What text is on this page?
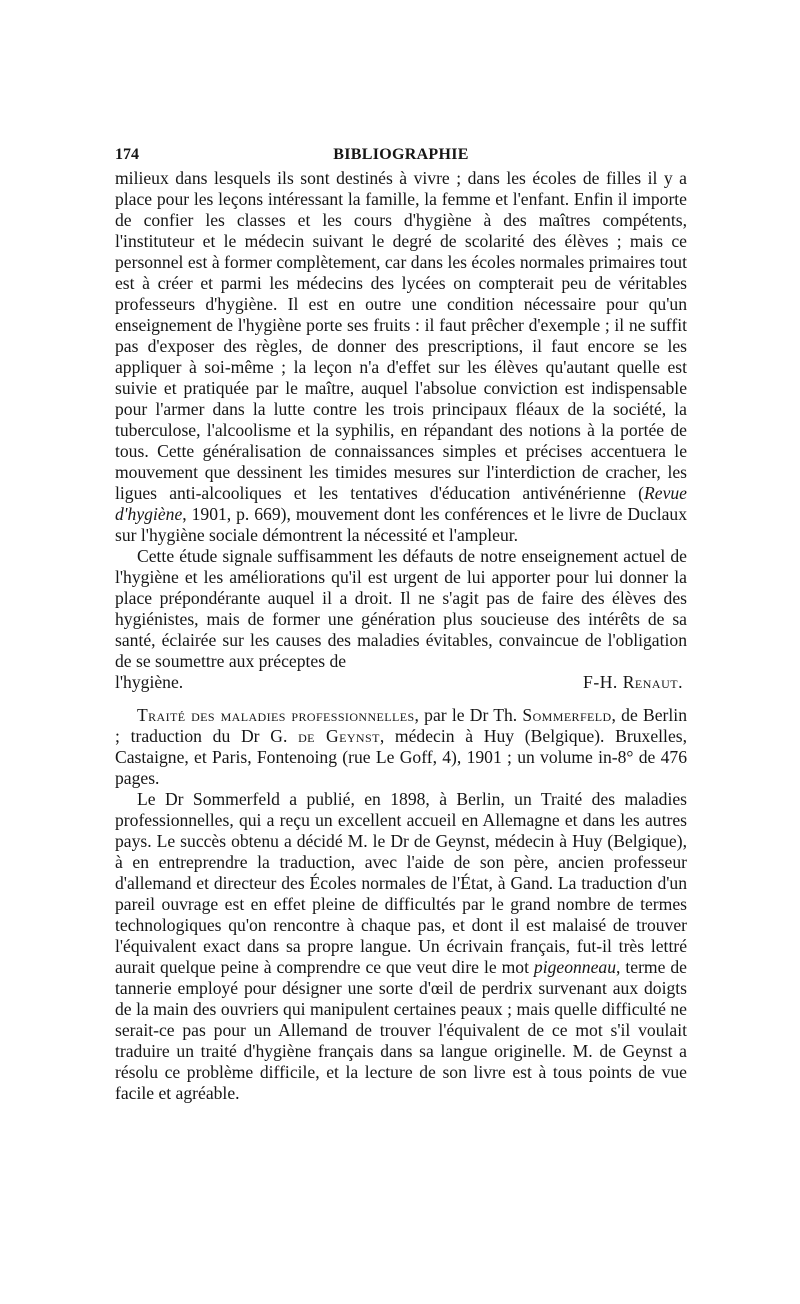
174	BIBLIOGRAPHIE

milieux dans lesquels ils sont destinés à vivre ; dans les écoles de filles il y a place pour les leçons intéressant la famille, la femme et l'enfant. Enfin il importe de confier les classes et les cours d'hygiène à des maîtres compétents, l'instituteur et le médecin suivant le degré de scolarité des élèves ; mais ce personnel est à former complètement, car dans les écoles normales primaires tout est à créer et parmi les médecins des lycées on compterait peu de véritables professeurs d'hygiène. Il est en outre une condition nécessaire pour qu'un enseignement de l'hygiène porte ses fruits : il faut prêcher d'exemple ; il ne suffit pas d'exposer des règles, de donner des prescriptions, il faut encore se les appliquer à soi-même ; la leçon n'a d'effet sur les élèves qu'autant quelle est suivie et pratiquée par le maître, auquel l'absolue conviction est indispensable pour l'armer dans la lutte contre les trois principaux fléaux de la société, la tuberculose, l'alcoolisme et la syphilis, en répandant des notions à la portée de tous. Cette généralisation de connaissances simples et précises accentuera le mouvement que dessinent les timides mesures sur l'interdiction de cracher, les ligues anti-alcooliques et les tentatives d'éducation antivénérienne (Revue d'hygiène, 1901, p. 669), mouvement dont les conférences et le livre de Duclaux sur l'hygiène sociale démontrent la nécessité et l'ampleur.

Cette étude signale suffisamment les défauts de notre enseignement actuel de l'hygiène et les améliorations qu'il est urgent de lui apporter pour lui donner la place prépondérante auquel il a droit. Il ne s'agit pas de faire des élèves des hygiénistes, mais de former une génération plus soucieuse des intérêts de sa santé, éclairée sur les causes des maladies évitables, convaincue de l'obligation de se soumettre aux préceptes de

l'hygiène.	F-H. Renaut.

Traité des maladies professionnelles, par le Dr Th. Sommerfeld, de Berlin ; traduction du Dr G. de Geynst, médecin à Huy (Belgique). Bruxelles, Castaigne, et Paris, Fontenoing (rue Le Goff, 4), 1901 ; un volume in-8° de 476 pages.

Le Dr Sommerfeld a publié, en 1898, à Berlin, un Traité des maladies professionnelles, qui a reçu un excellent accueil en Allemagne et dans les autres pays. Le succès obtenu a décidé M. le Dr de Geynst, médecin à Huy (Belgique), à en entreprendre la traduction, avec l'aide de son père, ancien professeur d'allemand et directeur des Écoles normales de l'État, à Gand. La traduction d'un pareil ouvrage est en effet pleine de difficultés par le grand nombre de termes technologiques qu'on rencontre à chaque pas, et dont il est malaisé de trouver l'équivalent exact dans sa propre langue. Un écrivain français, fut-il très lettré aurait quelque peine à comprendre ce que veut dire le mot pigeonneau, terme de tannerie employé pour désigner une sorte d'œil de perdrix survenant aux doigts de la main des ouvriers qui manipulent certaines peaux ; mais quelle difficulté ne serait-ce pas pour un Allemand de trouver l'équivalent de ce mot s'il voulait traduire un traité d'hygiène français dans sa langue originelle. M. de Geynst a résolu ce problème difficile, et la lecture de son livre est à tous points de vue facile et agréable.
